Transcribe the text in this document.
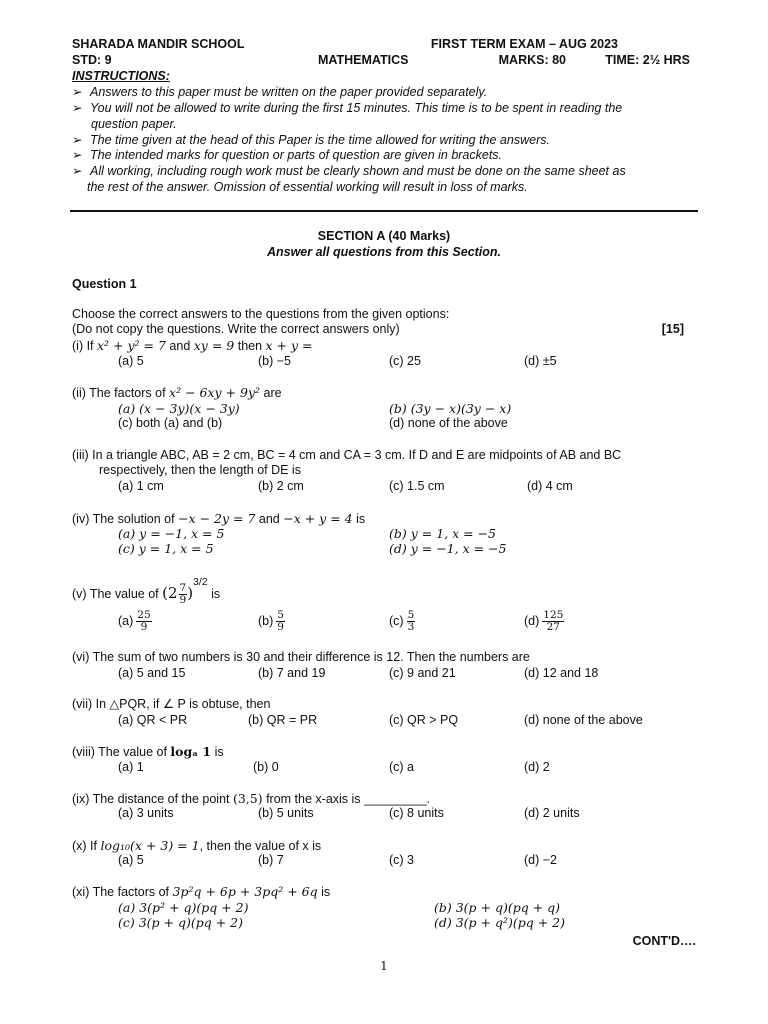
SHARADA MANDIR SCHOOL	FIRST TERM EXAM – AUG 2023
STD: 9	MATHEMATICS	MARKS: 80	TIME: 2½ HRS
INSTRUCTIONS:
➢ Answers to this paper must be written on the paper provided separately.
➢ You will not be allowed to write during the first 15 minutes. This time is to be spent in reading the
question paper.
➢ The time given at the head of this Paper is the time allowed for writing the answers.
➢ The intended marks for question or parts of question are given in brackets.
➢ All working, including rough work must be clearly shown and must be done on the same sheet as
the rest of the answer. Omission of essential working will result in loss of marks.
SECTION A (40 Marks)
Answer all questions from this Section.
Question 1
Choose the correct answers to the questions from the given options:
(Do not copy the questions. Write the correct answers only)	[15]
(i) If x² + y² = 7 and xy = 9 then x + y =
(a) 5	(b) −5	(c) 25	(d) ±5
(ii) The factors of x² − 6xy + 9y² are
(a) (x − 3y)(x − 3y)	(b) (3y − x)(3y − x)
(c) both (a) and (b)	(d) none of the above
(iii) In a triangle ABC, AB = 2 cm, BC = 4 cm and CA = 3 cm. If D and E are midpoints of AB and BC
respectively, then the length of DE is
(a) 1 cm	(b) 2 cm	(c) 1.5 cm	(d) 4 cm
(iv) The solution of −x − 2y = 7 and −x + y = 4 is
(a) y = −1, x = 5	(b) y = 1, x = −5
(c) y = 1, x = 5	(d) y = −1, x = −5
(v) The value of $(2 \frac{7}{9} )^{3/2}$ is
$(a) \frac{25}{9}$	$(b) \frac{5}{9}$	$(c) \frac{5}{3}$	$(d) \frac{125}{27}$
(vi) The sum of two numbers is 30 and their difference is 12. Then the numbers are
(a) 5 and 15	(b) 7 and 19	(c) 9 and 21	(d) 12 and 18
(vii) In △PQR, if ∠ P is obtuse, then
(a) QR < PR	(b) QR = PR	(c) QR > PQ	(d) none of the above
(viii) The value of logₐ 1 is
(a) 1	(b) 0	(c) a	(d) 2
(ix) The distance of the point (3,5) from the x-axis is _________.
(a) 3 units	(b) 5 units	(c) 8 units	(d) 2 units
(x) If log₁₀(x + 3) = 1, then the value of x is
(a) 5	(b) 7	(c) 3	(d) −2
(xi) The factors of 3p²q + 6p + 3pq² + 6q is
(a) 3(p² + q)(pq + 2)	(b) 3(p + q)(pq + q)
(c) 3(p + q)(pq + 2)	(d) 3(p + q²)(pq + 2)
CONT'D….
1
